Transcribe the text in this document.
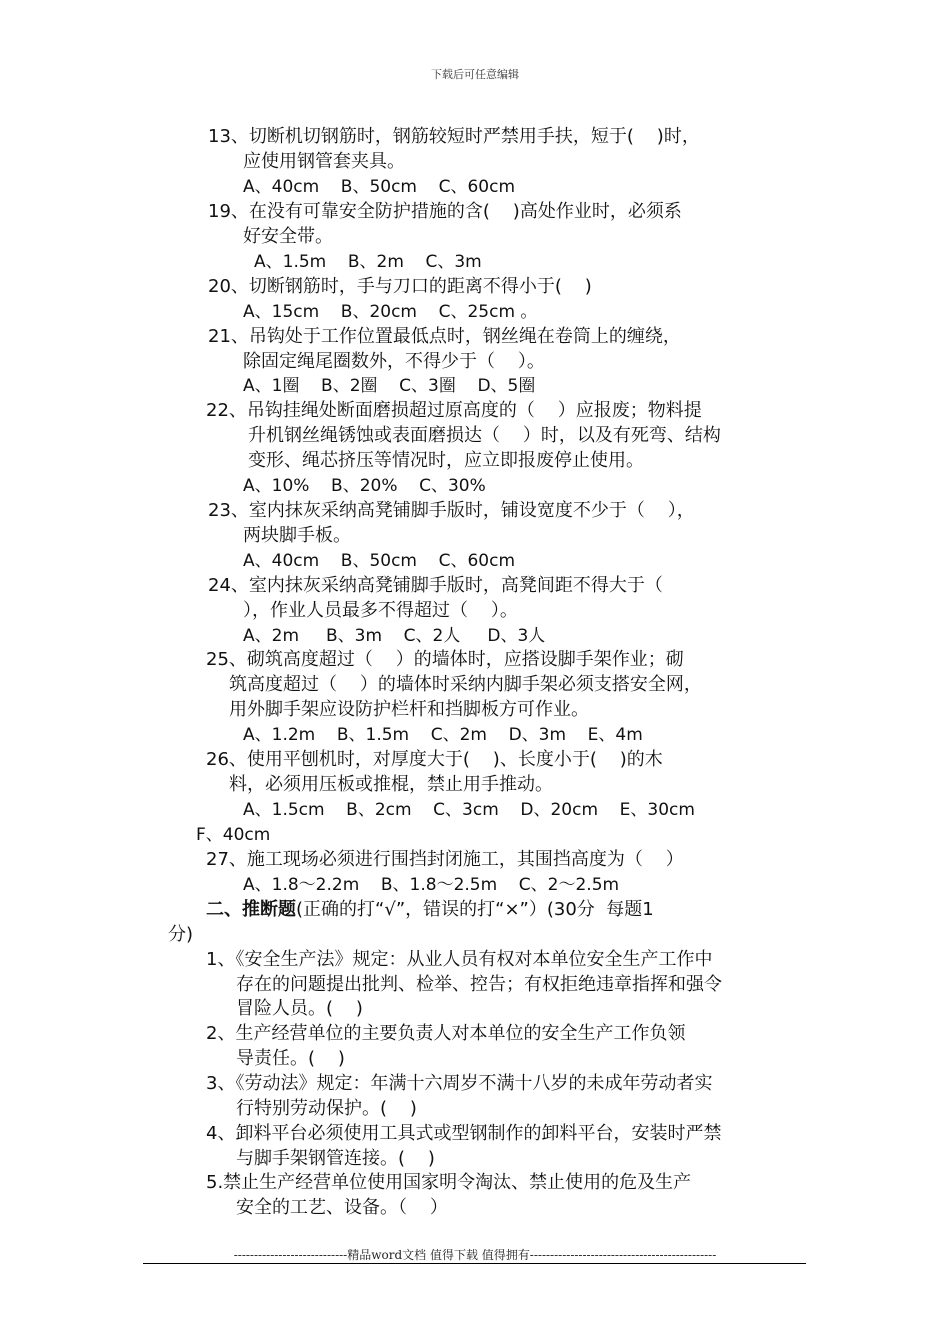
下载后可任意编辑
13、切断机切钢筋时，钢筋较短时严禁用手扶，短于(    )时，
应使用钢管套夹具。
A、40cm    B、50cm    C、60cm
19、在没有可靠安全防护措施的含(    )高处作业时，必须系
好安全带。
A、1.5m    B、2m    C、3m
20、切断钢筋时，手与刀口的距离不得小于(    )
A、15cm    B、20cm    C、25cm 。
21、吊钩处于工作位置最低点时，钢丝绳在卷筒上的缠绕，
除固定绳尾圈数外，不得少于（    ）。
A、1圈    B、2圈    C、3圈    D、5圈
22、吊钩挂绳处断面磨损超过原高度的（    ）应报废；物料提
升机钢丝绳锈蚀或表面磨损达（    ）时，以及有死弯、结构
变形、绳芯挤压等情况时，应立即报废停止使用。
A、10%    B、20%    C、30%
23、室内抹灰采纳高凳铺脚手版时，铺设宽度不少于（    ），
两块脚手板。
A、40cm    B、50cm    C、60cm
24、室内抹灰采纳高凳铺脚手版时，高凳间距不得大于（
），作业人员最多不得超过（    ）。
A、2m     B、3m    C、2人     D、3人
25、砌筑高度超过（    ）的墙体时，应搭设脚手架作业；砌
筑高度超过（    ）的墙体时采纳内脚手架必须支搭安全网，
用外脚手架应设防护栏杆和挡脚板方可作业。
A、1.2m    B、1.5m    C、2m    D、3m    E、4m
26、使用平刨机时，对厚度大于(    )、长度小于(    )的木
料，必须用压板或推棍，禁止用手推动。
A、1.5cm    B、2cm    C、3cm    D、20cm    E、30cm
F、40cm
27、施工现场必须进行围挡封闭施工，其围挡高度为（    ）
A、1.8～2.2m    B、1.8～2.5m    C、2～2.5m
二、推断题(正确的打“√”，错误的打“×”）(30分  每题1
分)
1、《安全生产法》规定：从业人员有权对本单位安全生产工作中
存在的问题提出批判、检举、控告；有权拒绝违章指挥和强令
冒险人员。(    )
2、生产经营单位的主要负责人对本单位的安全生产工作负领
导责任。(    )
3、《劳动法》规定：年满十六周岁不满十八岁的未成年劳动者实
行特别劳动保护。(    )
4、卸料平台必须使用工具式或型钢制作的卸料平台，安装时严禁
与脚手架钢管连接。(    )
5.禁止生产经营单位使用国家明令淘汰、禁止使用的危及生产
安全的工艺、设备。（    ）
----------------------------精品word文档 值得下载 值得拥有----------------------------------------------
